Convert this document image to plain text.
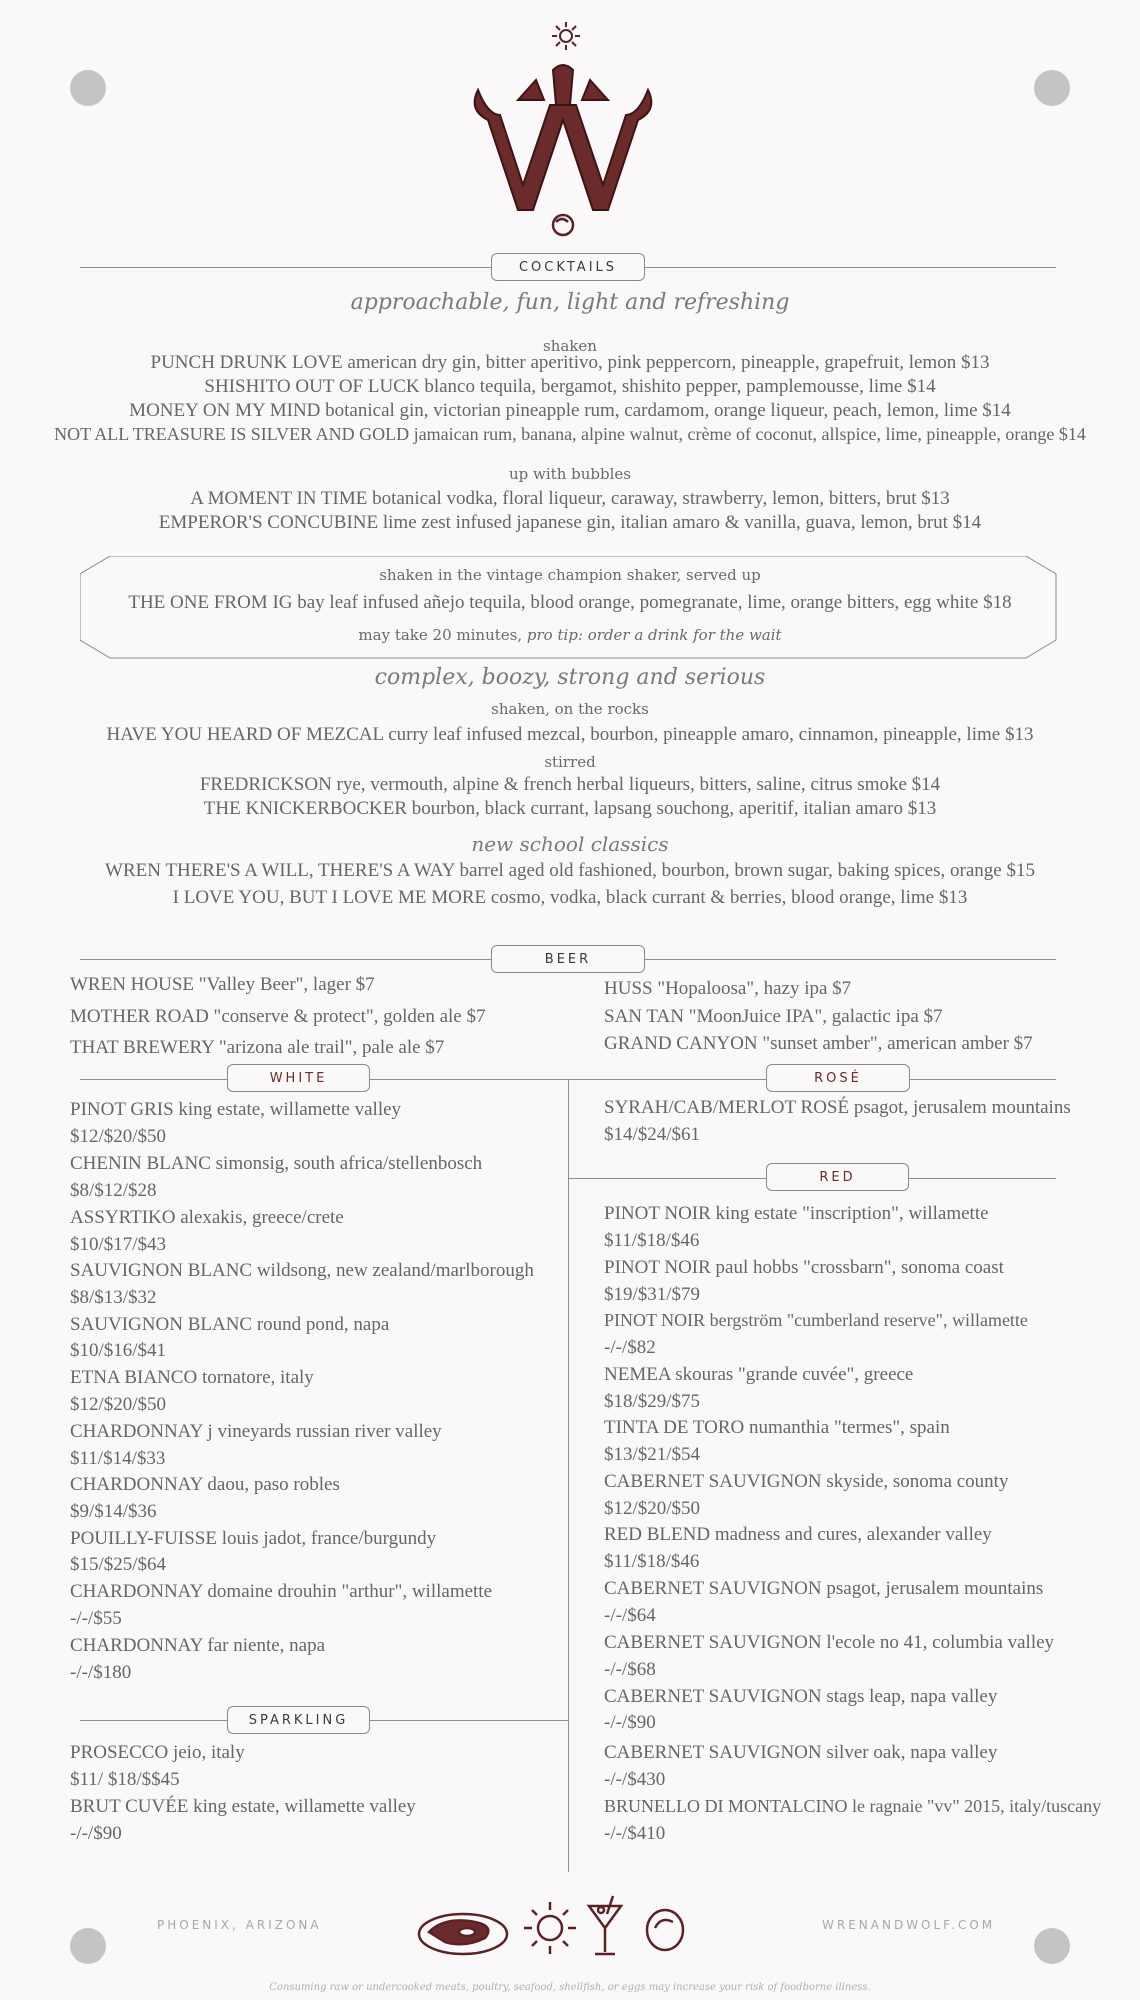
COCKTAILS
approachable, fun, light and refreshing
shaken
PUNCH DRUNK LOVE american dry gin, bitter aperitivo, pink peppercorn, pineapple, grapefruit, lemon $13
SHISHITO OUT OF LUCK blanco tequila, bergamot, shishito pepper, pamplemousse, lime $14
MONEY ON MY MIND botanical gin, victorian pineapple rum, cardamom, orange liqueur, peach, lemon, lime $14
NOT ALL TREASURE IS SILVER AND GOLD jamaican rum, banana, alpine walnut, crème of coconut, allspice, lime, pineapple, orange $14
up with bubbles
A MOMENT IN TIME botanical vodka, floral liqueur, caraway, strawberry, lemon, bitters, brut $13
EMPEROR'S CONCUBINE lime zest infused japanese gin, italian amaro & vanilla, guava, lemon, brut $14
shaken in the vintage champion shaker, served up
THE ONE FROM IG bay leaf infused añejo tequila, blood orange, pomegranate, lime, orange bitters, egg white $18
may take 20 minutes, pro tip: order a drink for the wait
complex, boozy, strong and serious
shaken, on the rocks
HAVE YOU HEARD OF MEZCAL curry leaf infused mezcal, bourbon, pineapple amaro, cinnamon, pineapple, lime $13
stirred
FREDRICKSON rye, vermouth, alpine & french herbal liqueurs, bitters, saline, citrus smoke $14
THE KNICKERBOCKER bourbon, black currant, lapsang souchong, aperitif, italian amaro $13
new school classics
WREN THERE'S A WILL, THERE'S A WAY barrel aged old fashioned, bourbon, brown sugar, baking spices, orange $15
I LOVE YOU, BUT I LOVE ME MORE cosmo, vodka, black currant & berries, blood orange, lime $13
BEER
WREN HOUSE "Valley Beer", lager $7
MOTHER ROAD "conserve & protect", golden ale $7
THAT BREWERY "arizona ale trail", pale ale $7
HUSS "Hopaloosa", hazy ipa $7
SAN TAN "MoonJuice IPA", galactic ipa $7
GRAND CANYON "sunset amber", american amber $7
WHITE	ROSÉ
RED
SPARKLING
PINOT GRIS king estate, willamette valley
$12/$20/$50
CHENIN BLANC simonsig, south africa/stellenbosch
$8/$12/$28
ASSYRTIKO alexakis, greece/crete
$10/$17/$43
SAUVIGNON BLANC wildsong, new zealand/marlborough
$8/$13/$32
SAUVIGNON BLANC round pond, napa
$10/$16/$41
ETNA BIANCO tornatore, italy
$12/$20/$50
CHARDONNAY j vineyards russian river valley
$11/$14/$33
CHARDONNAY daou, paso robles
$9/$14/$36
POUILLY-FUISSE louis jadot, france/burgundy
$15/$25/$64
CHARDONNAY domaine drouhin "arthur", willamette
-/-/$55
CHARDONNAY far niente, napa
-/-/$180
PROSECCO jeio, italy
$11/ $18/$$45
BRUT CUVÉE king estate, willamette valley
-/-/$90
SYRAH/CAB/MERLOT ROSÉ psagot, jerusalem mountains
$14/$24/$61
PINOT NOIR king estate "inscription", willamette
$11/$18/$46
PINOT NOIR paul hobbs "crossbarn", sonoma coast
$19/$31/$79
PINOT NOIR bergström "cumberland reserve", willamette
-/-/$82
NEMEA skouras "grande cuvée", greece
$18/$29/$75
TINTA DE TORO numanthia "termes", spain
$13/$21/$54
CABERNET SAUVIGNON skyside, sonoma county
$12/$20/$50
RED BLEND madness and cures, alexander valley
$11/$18/$46
CABERNET SAUVIGNON psagot, jerusalem mountains
-/-/$64
CABERNET SAUVIGNON l'ecole no 41, columbia valley
-/-/$68
CABERNET SAUVIGNON stags leap, napa valley
-/-/$90
CABERNET SAUVIGNON silver oak, napa valley
-/-/$430
BRUNELLO DI MONTALCINO le ragnaie "vv" 2015, italy/tuscany
-/-/$410
PHOENIX, ARIZONA	WRENANDWOLF.COM
Consuming raw or undercooked meats, poultry, seafood, shellfish, or eggs may increase your risk of foodborne illness.
